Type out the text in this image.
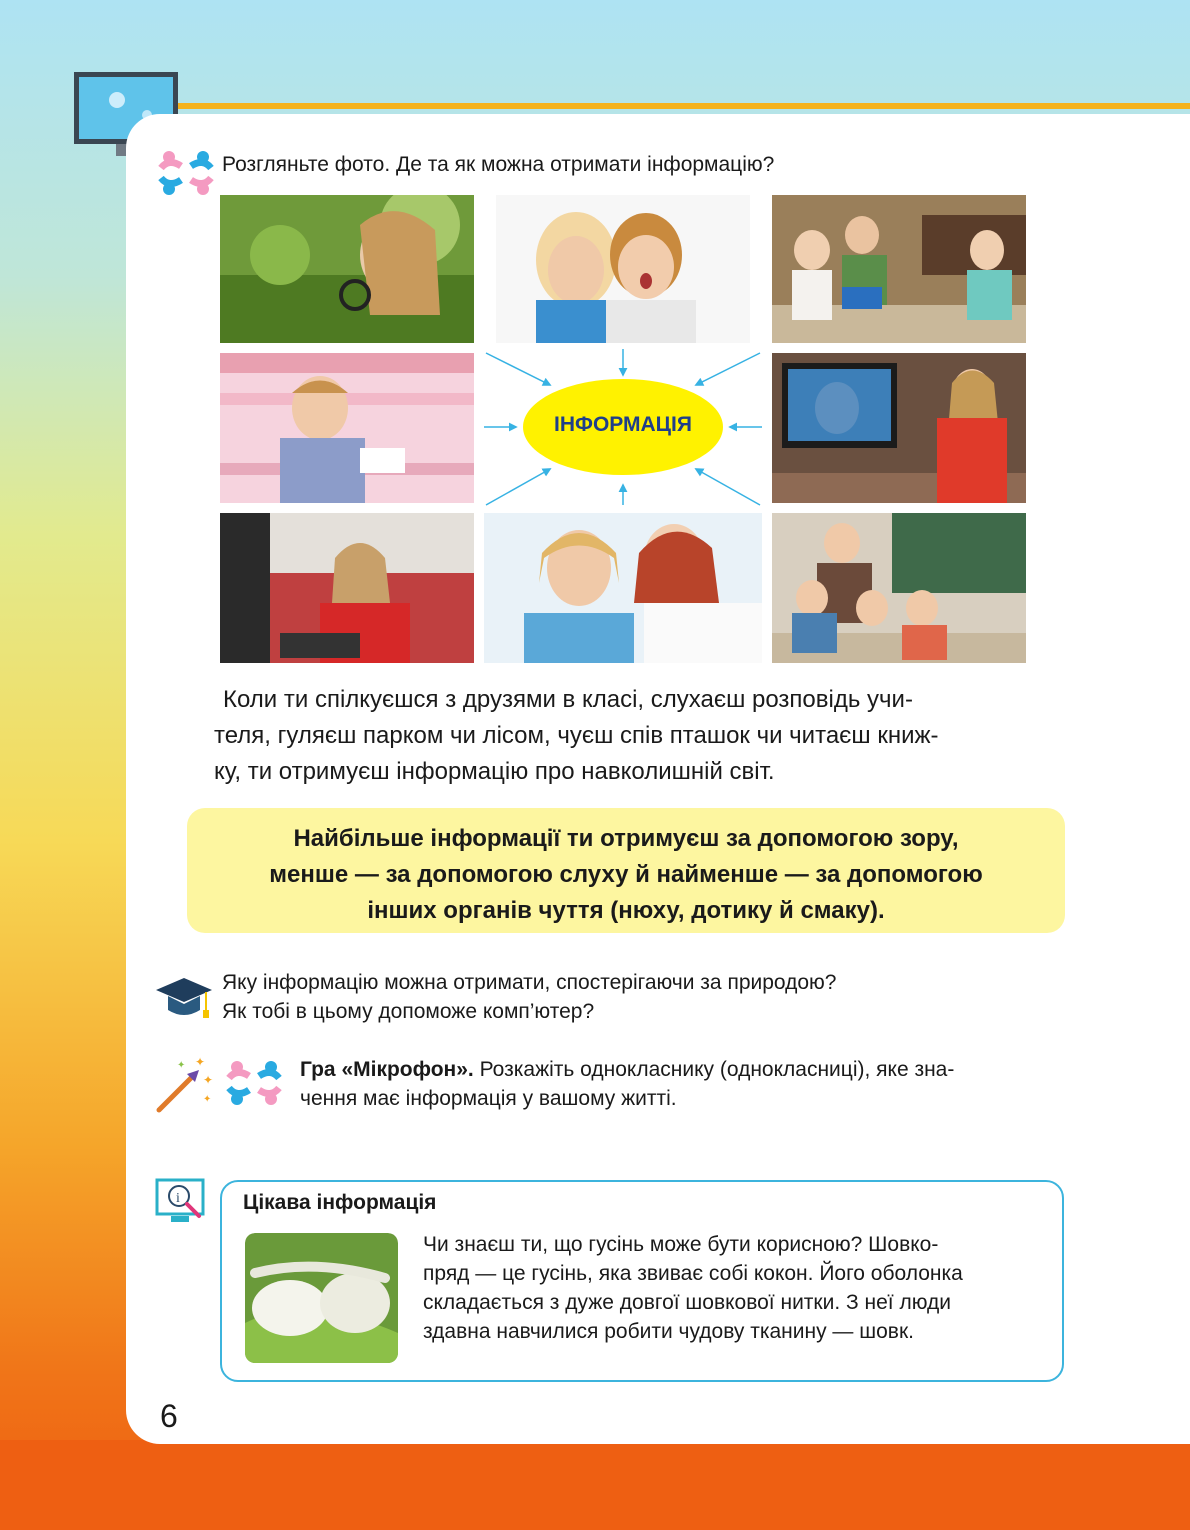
Розгляньте фото. Де та як можна отримати інформацію?
ІНФОРМАЦІЯ
Коли ти спілкуєшся з друзями в класі, слухаєш розповідь учи-
теля, гуляєш парком чи лісом, чуєш спів пташок чи читаєш книж-
ку, ти отримуєш інформацію про навколишній світ.
Найбільше інформації ти отримуєш за допомогою зору,
менше — за допомогою слуху й найменше — за допомогою
інших органів чуття (нюху, дотику й смаку).
Яку інформацію можна отримати, спостерігаючи за природою?
Як тобі в цьому допоможе комп’ютер?
✦
✦
✦
✦
Гра «Мікрофон». Розкажіть однокласнику (однокласниці), яке зна-
чення має інформація у вашому житті.
i	Цікава інформація
Чи знаєш ти, що гусінь може бути корисною? Шовко-
пряд — це гусінь, яка звиває собі кокон. Його оболонка
складається з дуже довгої шовкової нитки. З неї люди
здавна навчилися робити чудову тканину — шовк.
6
